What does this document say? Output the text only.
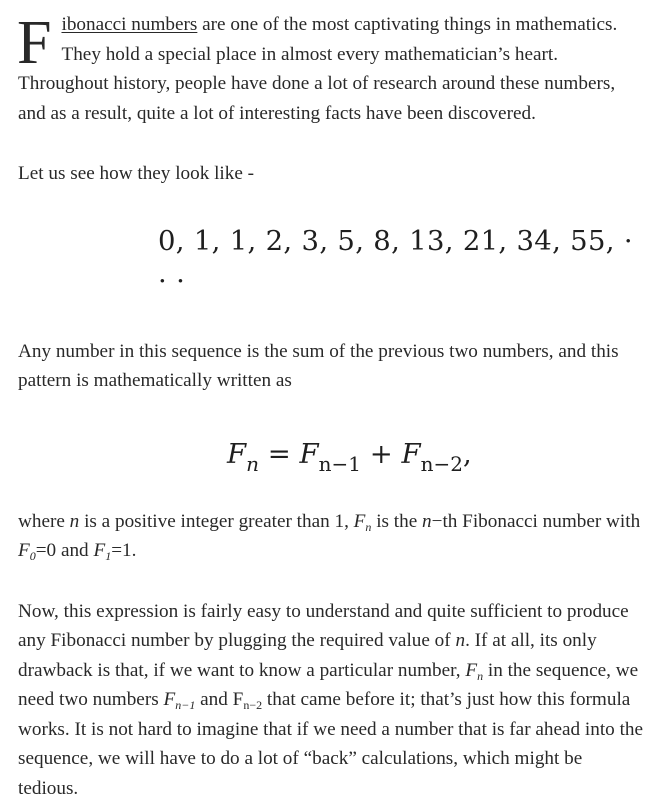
Fibonacci numbers are one of the most captivating things in mathematics. They hold a special place in almost every mathematician’s heart. Throughout history, people have done a lot of research around these numbers, and as a result, quite a lot of interesting facts have been discovered.

Let us see how they look like -

0, 1, 1, 2, 3, 5, 8, 13, 21, 34, 55, · · ·

Any number in this sequence is the sum of the previous two numbers, and this pattern is mathematically written as

$F_n = F_{n-1} + F_{n-2}$,

where n is a positive integer greater than 1, $F_n$ is the n−th Fibonacci number with $F_0=0$ and $F_1=1$.

Now, this expression is fairly easy to understand and quite sufficient to produce any Fibonacci number by plugging the required value of n. If at all, its only drawback is that, if we want to know a particular number, $F_n$ in the sequence, we need two numbers $F_{n-1}$ and $F_{n-2}$ that came before it; that’s just how this formula works. It is not hard to imagine that if we need a number that is far ahead into the sequence, we will have to do a lot of “back” calculations, which might be tedious.
